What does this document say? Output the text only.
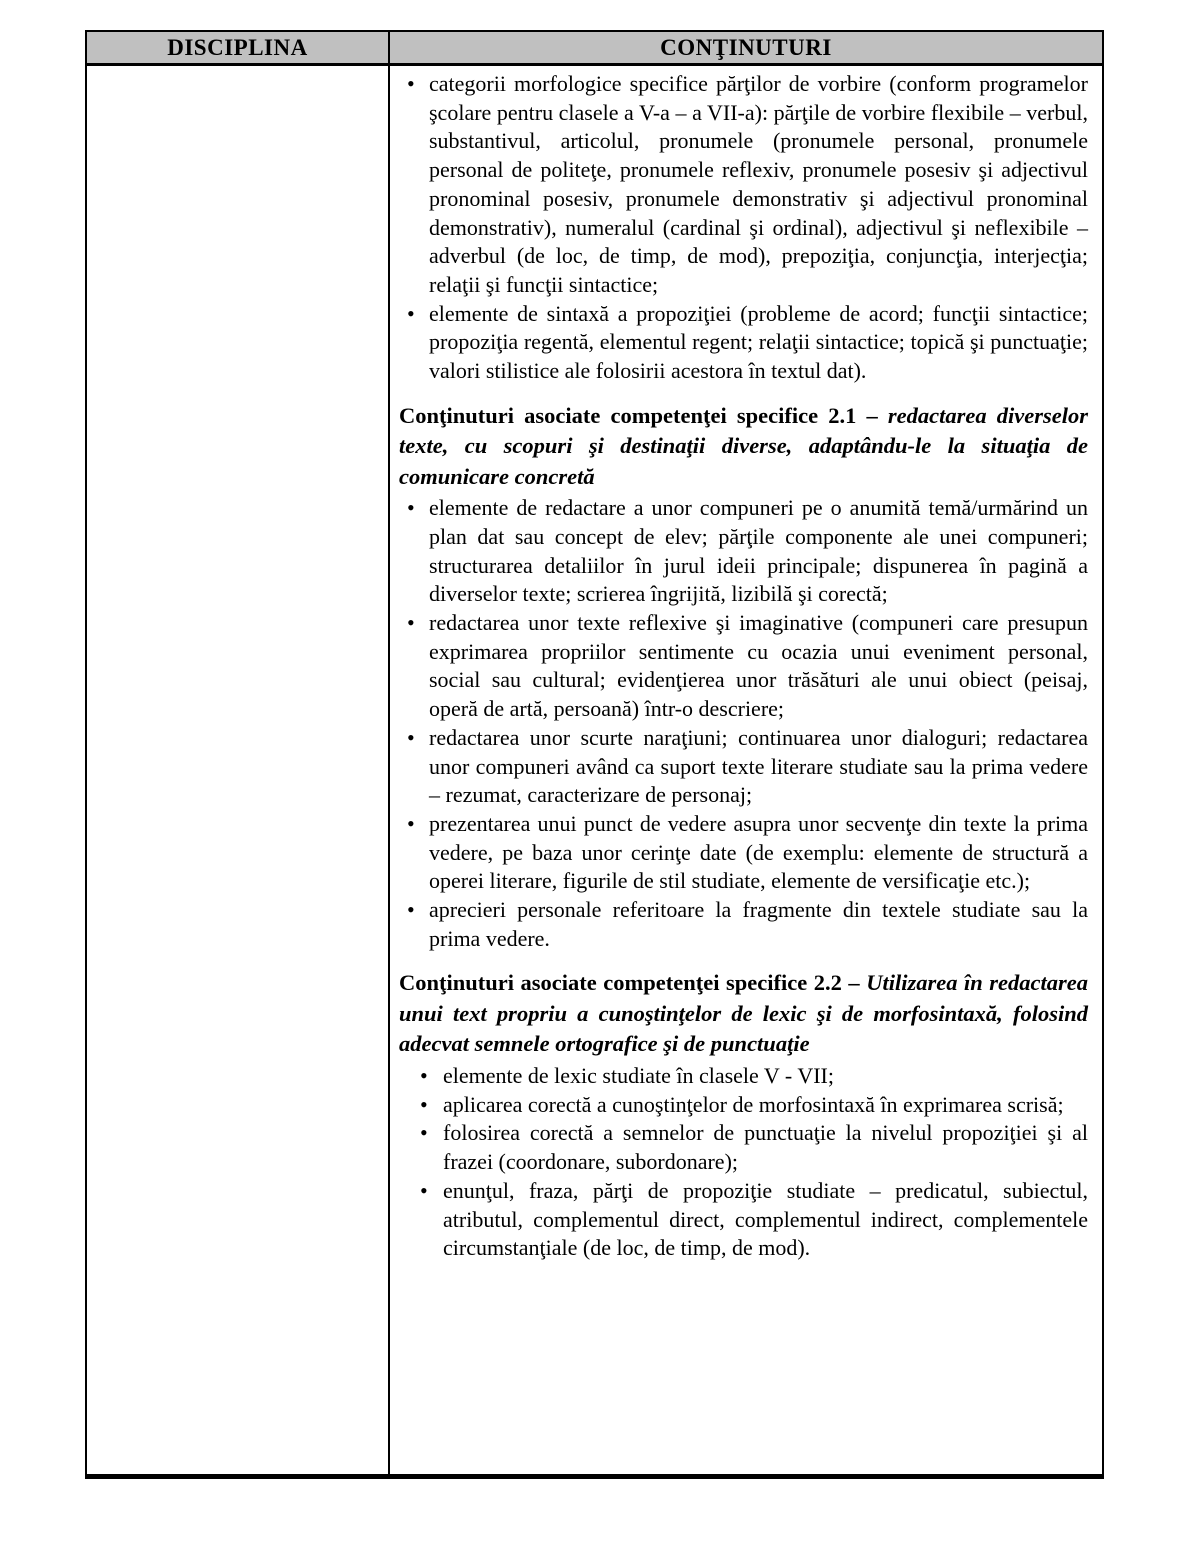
DISCIPLINA	CONŢINUTURI
• categorii morfologice specifice părţilor de vorbire (conform programelor şcolare pentru clasele a V-a – a VII-a): părţile de vorbire flexibile – verbul, substantivul, articolul, pronumele (pronumele personal, pronumele personal de politeţe, pronumele reflexiv, pronumele posesiv şi adjectivul pronominal posesiv, pronumele demonstrativ şi adjectivul pronominal demonstrativ), numeralul (cardinal şi ordinal), adjectivul şi neflexibile – adverbul (de loc, de timp, de mod), prepoziţia, conjuncţia, interjecţia; relaţii şi funcţii sintactice;
• elemente de sintaxă a propoziţiei (probleme de acord; funcţii sintactice; propoziţia regentă, elementul regent; relaţii sintactice; topică şi punctuaţie; valori stilistice ale folosirii acestora în textul dat).

Conţinuturi asociate competenţei specifice 2.1 – redactarea diverselor texte, cu scopuri şi destinaţii diverse, adaptându-le la situaţia de comunicare concretă

• elemente de redactare a unor compuneri pe o anumită temă/urmărind un plan dat sau concept de elev; părţile componente ale unei compuneri; structurarea detaliilor în jurul ideii principale; dispunerea în pagină a diverselor texte; scrierea îngrijită, lizibilă şi corectă;
• redactarea unor texte reflexive şi imaginative (compuneri care presupun exprimarea propriilor sentimente cu ocazia unui eveniment personal, social sau cultural; evidenţierea unor trăsături ale unui obiect (peisaj, operă de artă, persoană) într-o descriere;
• redactarea unor scurte naraţiuni; continuarea unor dialoguri; redactarea unor compuneri având ca suport texte literare studiate sau la prima vedere – rezumat, caracterizare de personaj;
• prezentarea unui punct de vedere asupra unor secvenţe din texte la prima vedere, pe baza unor cerinţe date (de exemplu: elemente de structură a operei literare, figurile de stil studiate, elemente de versificaţie etc.);
• aprecieri personale referitoare la fragmente din textele studiate sau la prima vedere.

Conţinuturi asociate competenţei specifice 2.2 – Utilizarea în redactarea unui text propriu a cunoştinţelor de lexic şi de morfosintaxă, folosind adecvat semnele ortografice şi de punctuaţie

• elemente de lexic studiate în clasele V - VII;
• aplicarea corectă a cunoştinţelor de morfosintaxă în exprimarea scrisă;
• folosirea corectă a semnelor de punctuaţie la nivelul propoziţiei şi al frazei (coordonare, subordonare);
• enunţul, fraza, părţi de propoziţie studiate – predicatul, subiectul, atributul, complementul direct, complementul indirect, complementele circumstanţiale (de loc, de timp, de mod).
